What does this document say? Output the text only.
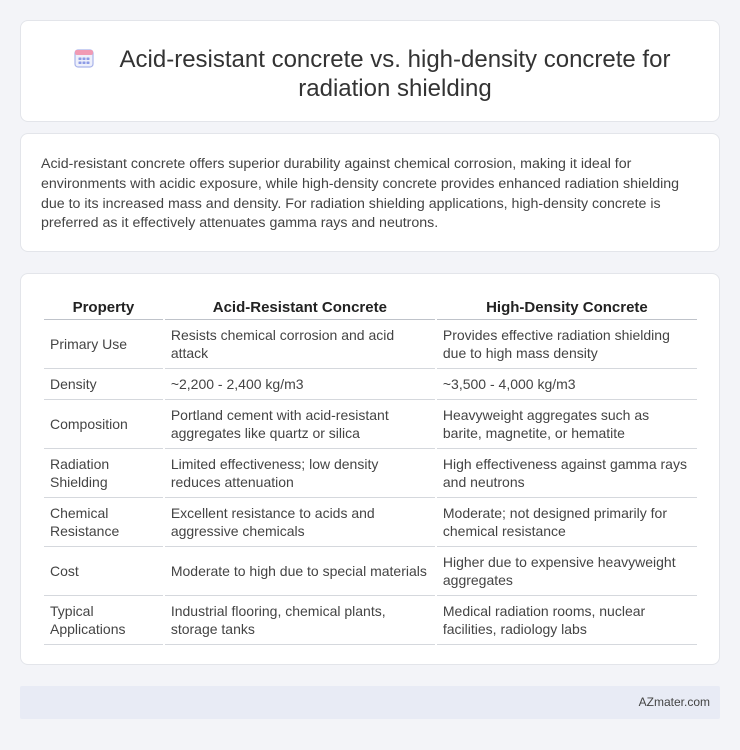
Acid-resistant concrete vs. high-density concrete for radiation shielding

Acid-resistant concrete offers superior durability against chemical corrosion, making it ideal for environments with acidic exposure, while high-density concrete provides enhanced radiation shielding due to its increased mass and density. For radiation shielding applications, high-density concrete is preferred as it effectively attenuates gamma rays and neutrons.

Property	Acid-Resistant Concrete	High-Density Concrete
Primary Use	Resists chemical corrosion and acid attack	Provides effective radiation shielding due to high mass density
Density	~2,200 - 2,400 kg/m3	~3,500 - 4,000 kg/m3
Composition	Portland cement with acid-resistant aggregates like quartz or silica	Heavyweight aggregates such as barite, magnetite, or hematite
Radiation Shielding	Limited effectiveness; low density reduces attenuation	High effectiveness against gamma rays and neutrons
Chemical Resistance	Excellent resistance to acids and aggressive chemicals	Moderate; not designed primarily for chemical resistance
Cost	Moderate to high due to special materials	Higher due to expensive heavyweight aggregates
Typical Applications	Industrial flooring, chemical plants, storage tanks	Medical radiation rooms, nuclear facilities, radiology labs
AZmater.com
